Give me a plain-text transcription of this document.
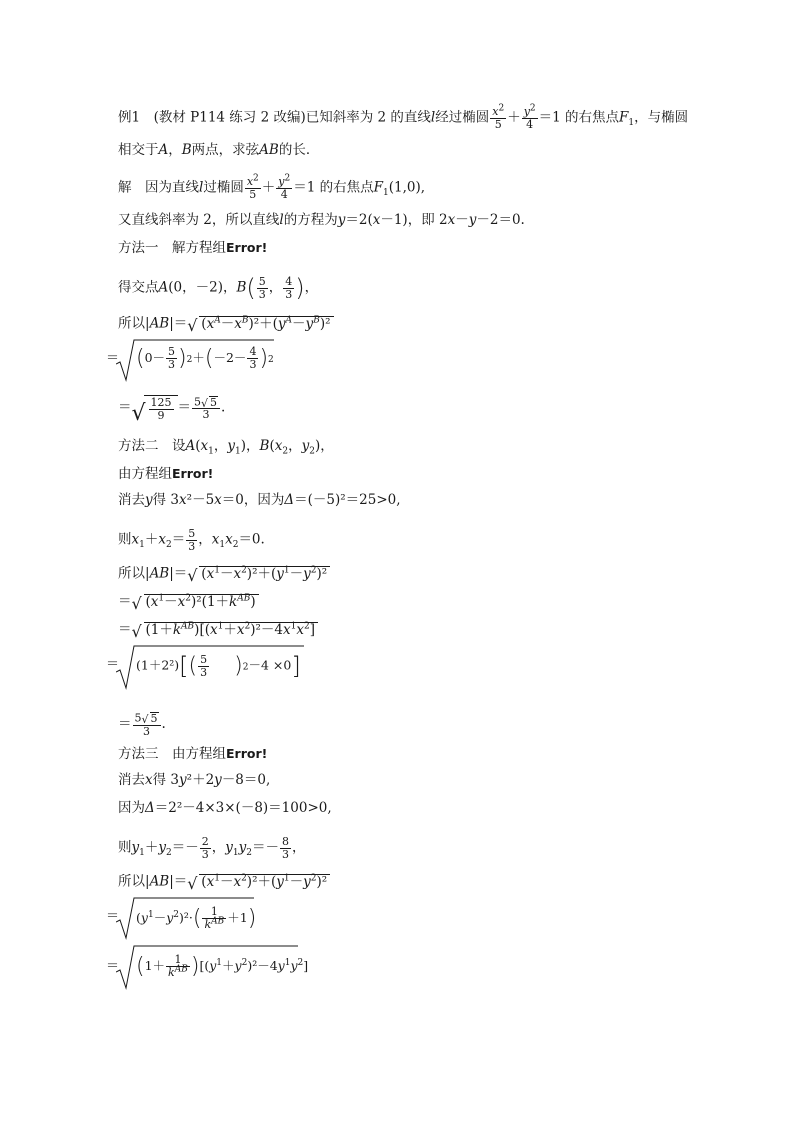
例1　(教材 P114 练习 2 改编)已知斜率为 2 的直线l经过椭圆 $\frac{x^2}{5} + \frac{y^2}{4} =1$ 的右焦点$F_1$，与椭圆
相交于A，B两点，求弦AB的长．
解　因为直线l过椭圆 $\frac{x^2}{5} + \frac{y^2}{4} =1$ 的右焦点$F_1(1,0)$,
又直线斜率为 2，所以直线l的方程为y＝2(x－1)，即 2x－y－2＝0.
方法一　解方程组Error!
得交点A(0，－2)，$B( \frac{5}{3}$ ， $\frac{4}{3}$ )，
所以|AB|＝ √ $(x^A-x^B)^2+(y^A-y^B)^2$
$(0- \frac{5}{3} )2+(-2- \frac{4}{3} )2$
＝
＝ √ $\frac{125}{9} = \frac{5 √ 5}{3}$ .
方法二　设$A(x_1$，$y_1$)，$B(x_2$，$y_2$)，
由方程组Error!
消去y得 3x²－5x＝0，因为Δ＝(－5)²＝25>0,
则$x_1+x_2= \frac{5}{3}$ ，$x_1x_2=0$.
所以|AB|＝ √ $(x^1-x^2)^2+(y^1-y^2)^2$
＝ √ $(x^1-x^2)^2(1+k^{AB})$
＝ √ $(1+k^{AB})[(x^1+x^2)^2-4x^1x^2]$
$(1+2^2)[( \frac{5}{3} )2-4 \times 0]$
＝
＝ $\frac{5 √ 5}{3}$ .
方法三　由方程组Error!
消去x得 3y²＋2y－8＝0,
因为Δ＝2²－4×3×(－8)＝100>0,
则$y_1+y_2=- \frac{2}{3}$ ，$y_1y_2=- \frac{8}{3}$ ，
所以|AB|＝ √ $(x^1-x^2)^2+(y^1-y^2)^2$
$(y^1-y^2)^2\cdot( \frac{1}{k^{AB}} +1)$
＝
$(1+ \frac{1}{k^{AB}} )[(y^1+y^2)^2-4y^1y^2]$
＝
